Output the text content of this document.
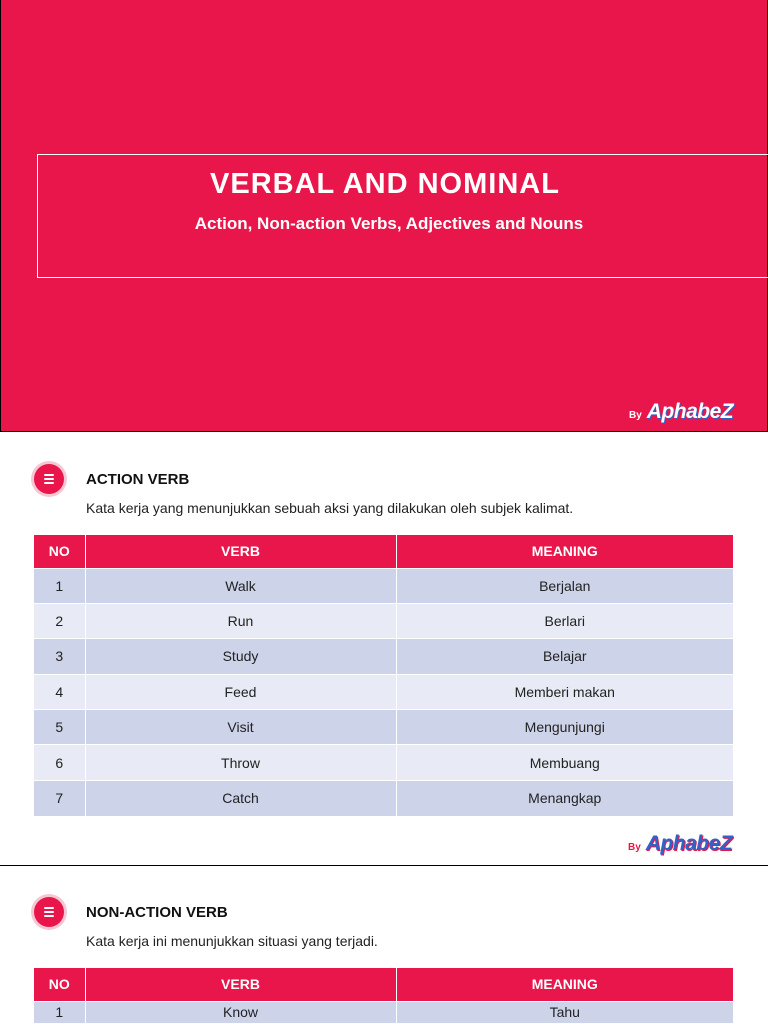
VERBAL AND NOMINAL
Action, Non-action Verbs, Adjectives and Nouns
By AphabeZ
ACTION VERB
Kata kerja yang menunjukkan sebuah aksi yang dilakukan oleh subjek kalimat.
NO	VERB	MEANING
1	Walk	Berjalan
2	Run	Berlari
3	Study	Belajar
4	Feed	Memberi makan
5	Visit	Mengunjungi
6	Throw	Membuang
7	Catch	Menangkap
By AphabeZ
NON-ACTION VERB
Kata kerja ini menunjukkan situasi yang terjadi.
NO	VERB	MEANING
1	Know	Tahu
